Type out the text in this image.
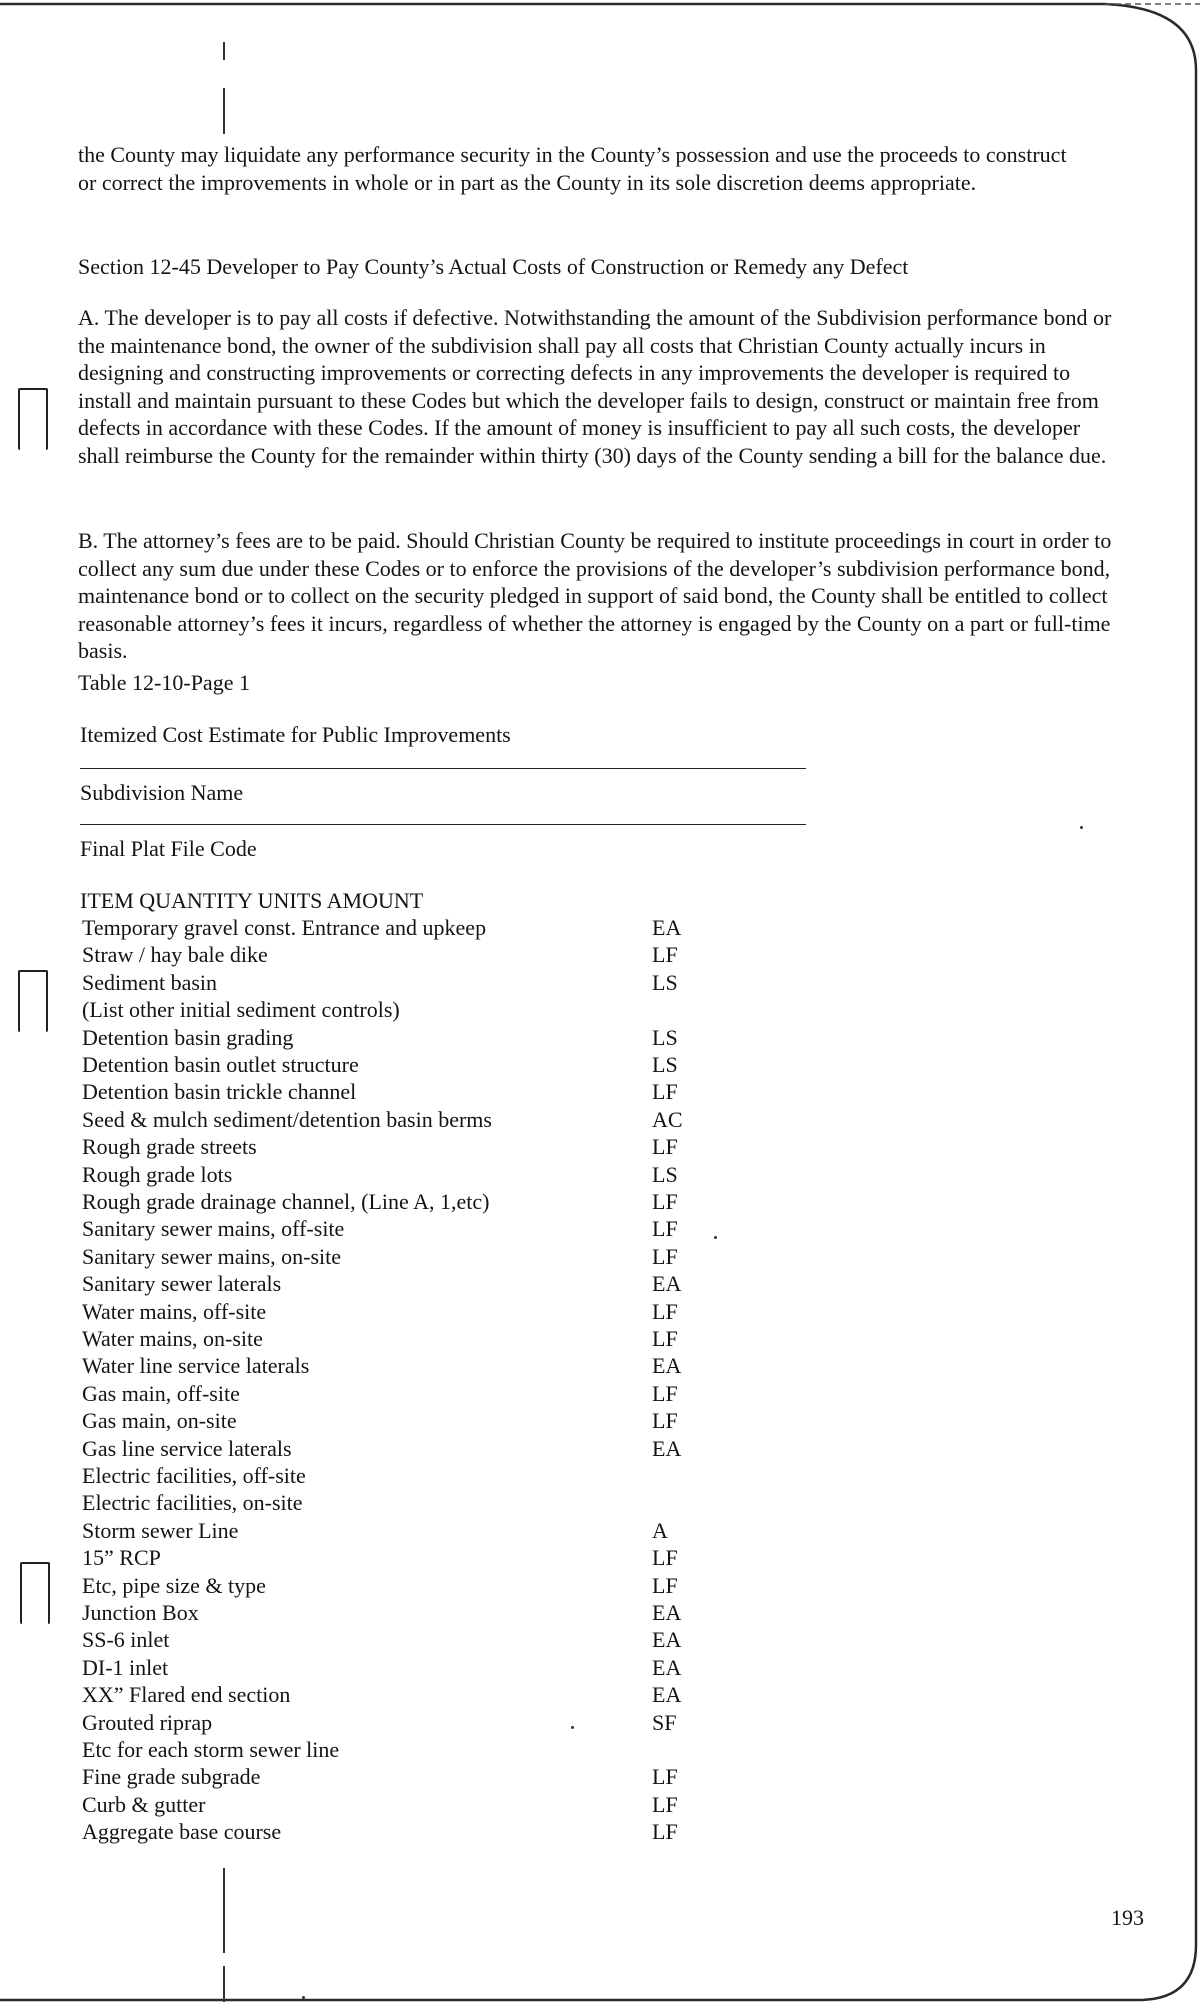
the County may liquidate any performance security in the County’s possession and use the proceeds to construct or correct the improvements in whole or in part as the County in its sole discretion deems appropriate.
Section 12-45 Developer to Pay County’s Actual Costs of Construction or Remedy any Defect
A. The developer is to pay all costs if defective. Notwithstanding the amount of the Subdivision performance bond or the maintenance bond, the owner of the subdivision shall pay all costs that Christian County actually incurs in designing and constructing improvements or correcting defects in any improvements the developer is required to install and maintain pursuant to these Codes but which the developer fails to design, construct or maintain free from defects in accordance with these Codes. If the amount of money is insufficient to pay all such costs, the developer shall reimburse the County for the remainder within thirty (30) days of the County sending a bill for the balance due.
B. The attorney’s fees are to be paid. Should Christian County be required to institute proceedings in court in order to collect any sum due under these Codes or to enforce the provisions of the developer’s subdivision performance bond, maintenance bond or to collect on the security pledged in support of said bond, the County shall be entitled to collect reasonable attorney’s fees it incurs, regardless of whether the attorney is engaged by the County on a part or full-time basis.
Table 12-10-Page 1
Itemized Cost Estimate for Public Improvements
Subdivision Name
Final Plat File Code
ITEM QUANTITY UNITS AMOUNT
Temporary gravel const. Entrance and upkeep	EA
Straw / hay bale dike	LF
Sediment basin	LS
(List other initial sediment controls)
Detention basin grading	LS
Detention basin outlet structure	LS
Detention basin trickle channel	LF
Seed & mulch sediment/detention basin berms	AC
Rough grade streets	LF
Rough grade lots	LS
Rough grade drainage channel, (Line A, 1,etc)	LF
Sanitary sewer mains, off-site	LF
Sanitary sewer mains, on-site	LF
Sanitary sewer laterals	EA
Water mains, off-site	LF
Water mains, on-site	LF
Water line service laterals	EA
Gas main, off-site	LF
Gas main, on-site	LF
Gas line service laterals	EA
Electric facilities, off-site
Electric facilities, on-site
Storm sewer Line	A
15” RCP	LF
Etc, pipe size & type	LF
Junction Box	EA
SS-6 inlet	EA
DI-1 inlet	EA
XX” Flared end section	EA
Grouted riprap	SF
Etc for each storm sewer line
Fine grade subgrade	LF
Curb & gutter	LF
Aggregate base course	LF
193
